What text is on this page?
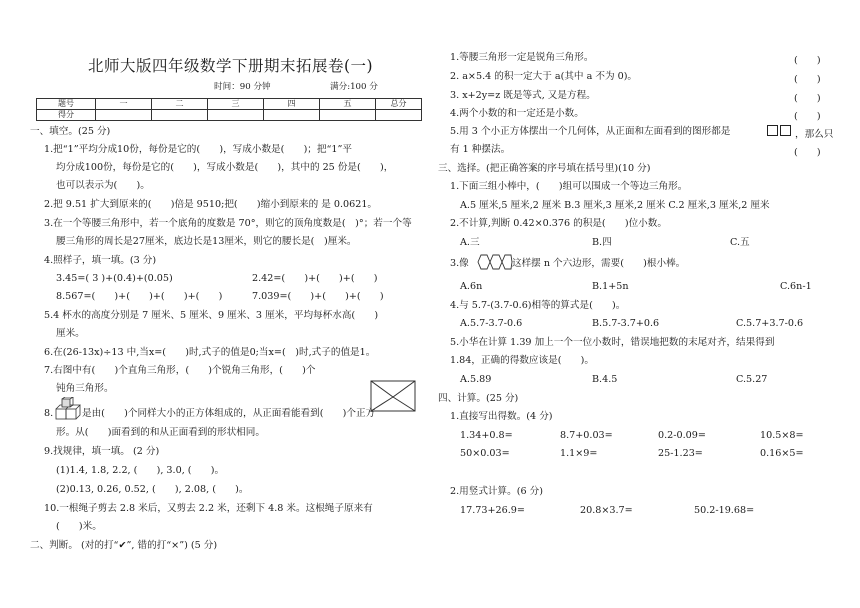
北师大版四年级数学下册期末拓展卷(一)
时间：90 分钟	满分:100 分
题号	一	二	三	四	五	总分
得分						
一、填空。(25 分)
1.把“1”平均分成10份，每份是它的(　　)，写成小数是(　　)；把“1”平
均分成100份，每份是它的(　　)，写成小数是(　　)，其中的 25 份是(　　)，
也可以表示为(　　)。
2.把 9.51 扩大到原来的(　　)倍是 9510;把(　　)缩小到原来的 是 0.0621。
3.在一个等腰三角形中，若一个底角的度数是 70°，则它的顶角度数是(　)°；若一个等
腰三角形的周长是27厘米，底边长是13厘米，则它的腰长是(　)厘米。
4.照样子，填一填。(3 分)
3.45=( 3 )+(0.4)+(0.05)	2.42=(　　)+(　　)+(　　)
8.567=(　　)+(　　)+(　　)+(　　)	7.039=(　　)+(　　)+(　　)
5.4 杯水的高度分别是 7 厘米、5 厘米、9 厘米、3 厘米，平均每杯水高(　　)
厘米。
6.在(26-13x)÷13 中,当x=(　　)时,式子的值是0;当x=(　)时,式子的值是1。
7.右图中有(　　)个直角三角形，(　　)个锐角三角形，(　　)个
钝角三角形。
是由(　　)个同样大小的正方体组成的，从正面看能看到(　　)个正方
形。从(　　)面看到的和从正面看到的形状相同。
9.找规律，填一填。 (2 分)
(1)1.4, 1.8, 2.2, (　　), 3.0, (　　)。
(2)0.13, 0.26, 0.52, (　　), 2.08, (　　)。
10.一根绳子剪去 2.8 米后，又剪去 2.2 米，还剩下 4.8 米。这根绳子原来有
(　　)米。
二、判断。 (对的打“✔”, 错的打“×”) (5 分)
1.等腰三角形一定是锐角三角形。
2. a×5.4 的积一定大于 a(其中 a 不为 0)。
3. x+2y=z 既是等式, 又是方程。
4.两个小数的和一定还是小数。
5.用 3 个小正方体摆出一个几何体，从正面和左面看到的图形都是
有 1 种摆法。
三、选择。(把正确答案的序号填在括号里)(10 分)
1.下面三组小棒中，(　　)组可以围成一个等边三角形。
A.5 厘米,5 厘米,2 厘米 B.3 厘米,3 厘米,2 厘米 C.2 厘米,3 厘米,2 厘米
2.不计算,判断 0.42×0.376 的积是(　　)位小数。
A.三	B.四	C.五
3.像	这样摆 n 个六边形，需要(　　)根小棒。
A.6n	B.1+5n	C.6n-1
4.与 5.7-(3.7-0.6)相等的算式是(　　)。
A.5.7-3.7-0.6	B.5.7-3.7+0.6	C.5.7+3.7-0.6
5.小华在计算 1.39 加上一个一位小数时，错误地把数的末尾对齐，结果得到
1.84，正确的得数应该是(　　)。
A.5.89	B.4.5	C.5.27
四、计算。(25 分)
1.直接写出得数。(4 分)
1.34+0.8=	8.7+0.03=	0.2-0.09=	10.5×8=
50×0.03=	1.1×9=	25-1.23=	0.16×5=
2.用竖式计算。(6 分)
17.73+26.9=	20.8×3.7=	50.2-19.68=
8.
(　　)
(　　)
(　　)
(　　)
(　　)
，那么只
